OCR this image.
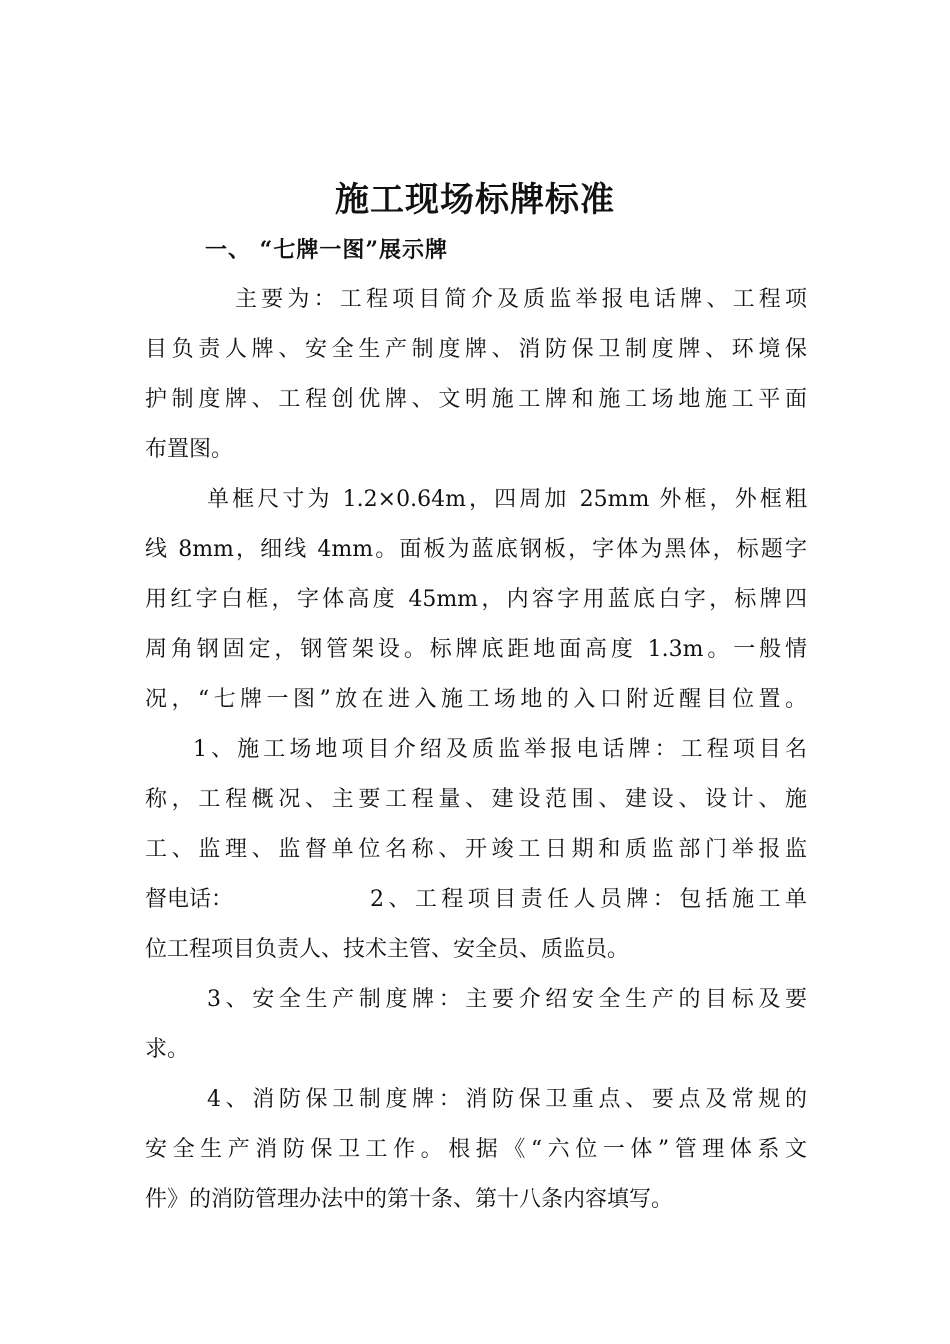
施工现场标牌标准
一、 “七牌一图”展示牌
主要为：工程项目简介及质监举报电话牌、工程项
目负责人牌、安全生产制度牌、消防保卫制度牌、环境保
护制度牌、工程创优牌、文明施工牌和施工场地施工平面
布置图。
单框尺寸为 1.2×0.64m，四周加 25mm 外框，外框粗
线 8mm，细线 4mm。面板为蓝底钢板，字体为黑体，标题字
用红字白框，字体高度 45mm，内容字用蓝底白字，标牌四
周角钢固定，钢管架设。标牌底距地面高度 1.3m。一般情
况，“七牌一图”放在进入施工场地的入口附近醒目位置。
1、施工场地项目介绍及质监举报电话牌：工程项目名
称，工程概况、主要工程量、建设范围、建设、设计、施
工、监理、监督单位名称、开竣工日期和质监部门举报监
督电话：	2、工程项目责任人员牌：包括施工单
位工程项目负责人、技术主管、安全员、质监员。
3、安全生产制度牌：主要介绍安全生产的目标及要
求。
4、消防保卫制度牌：消防保卫重点、要点及常规的
安全生产消防保卫工作。根据《“六位一体”管理体系文
件》的消防管理办法中的第十条、第十八条内容填写。
